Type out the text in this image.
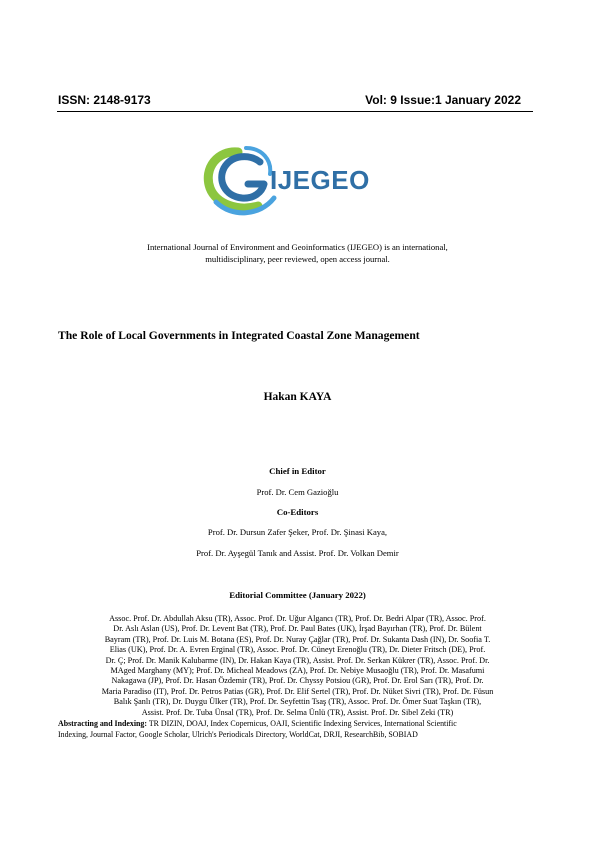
ISSN: 2148-9173	Vol: 9 Issue:1 January 2022
IJEGEO
International Journal of Environment and Geoinformatics (IJEGEO) is an international,
multidisciplinary, peer reviewed, open access journal.
The Role of Local Governments in Integrated Coastal Zone Management
Hakan KAYA
Chief in Editor
Prof. Dr. Cem Gazioğlu
Co-Editors
Prof. Dr. Dursun Zafer Şeker, Prof. Dr. Şinasi Kaya,
Prof. Dr. Ayşegül Tanık and Assist. Prof. Dr. Volkan Demir
Editorial Committee (January 2022)
Assoc. Prof. Dr. Abdullah Aksu (TR), Assoc. Prof. Dr. Uğur Algancı (TR), Prof. Dr. Bedri Alpar (TR), Assoc. Prof.
Dr. Aslı Aslan (US), Prof. Dr. Levent Bat (TR), Prof. Dr. Paul Bates (UK), İrşad Bayırhan (TR), Prof. Dr. Bülent
Bayram (TR), Prof. Dr. Luis M. Botana (ES), Prof. Dr. Nuray Çağlar (TR), Prof. Dr. Sukanta Dash (IN), Dr. Soofia T.
Elias (UK), Prof. Dr. A. Evren Erginal (TR), Assoc. Prof. Dr. Cüneyt Erenoğlu (TR), Dr. Dieter Fritsch (DE), Prof.
Dr. Ç; Prof. Dr. Manik Kalubarme (IN), Dr. Hakan Kaya (TR), Assist. Prof. Dr. Serkan Kükrer (TR), Assoc. Prof. Dr.
MAged Marghany (MY); Prof. Dr. Micheal Meadows (ZA), Prof. Dr. Nebiye Musaoğlu (TR), Prof. Dr. Masafumi
Nakagawa (JP), Prof. Dr. Hasan Özdemir (TR), Prof. Dr. Chyssy Potsiou (GR), Prof. Dr. Erol Sarı (TR), Prof. Dr.
Maria Paradiso (IT), Prof. Dr. Petros Patias (GR), Prof. Dr. Elif Sertel (TR), Prof. Dr. Nüket Sivri (TR), Prof. Dr. Füsun
Balık Şanlı (TR), Dr. Duygu Ülker (TR), Prof. Dr. Seyfettin Tsaş (TR), Assoc. Prof. Dr. Ömer Suat Taşkın (TR),
Assist. Prof. Dr. Tuba Ünsal (TR), Prof. Dr. Selma Ünlü (TR), Assist. Prof. Dr. Sibel Zeki (TR)
Abstracting and Indexing: TR DIZIN, DOAJ, Index Copernicus, OAJI, Scientific Indexing Services, International Scientific
Indexing, Journal Factor, Google Scholar, Ulrich's Periodicals Directory, WorldCat, DRJI, ResearchBib, SOBIAD
